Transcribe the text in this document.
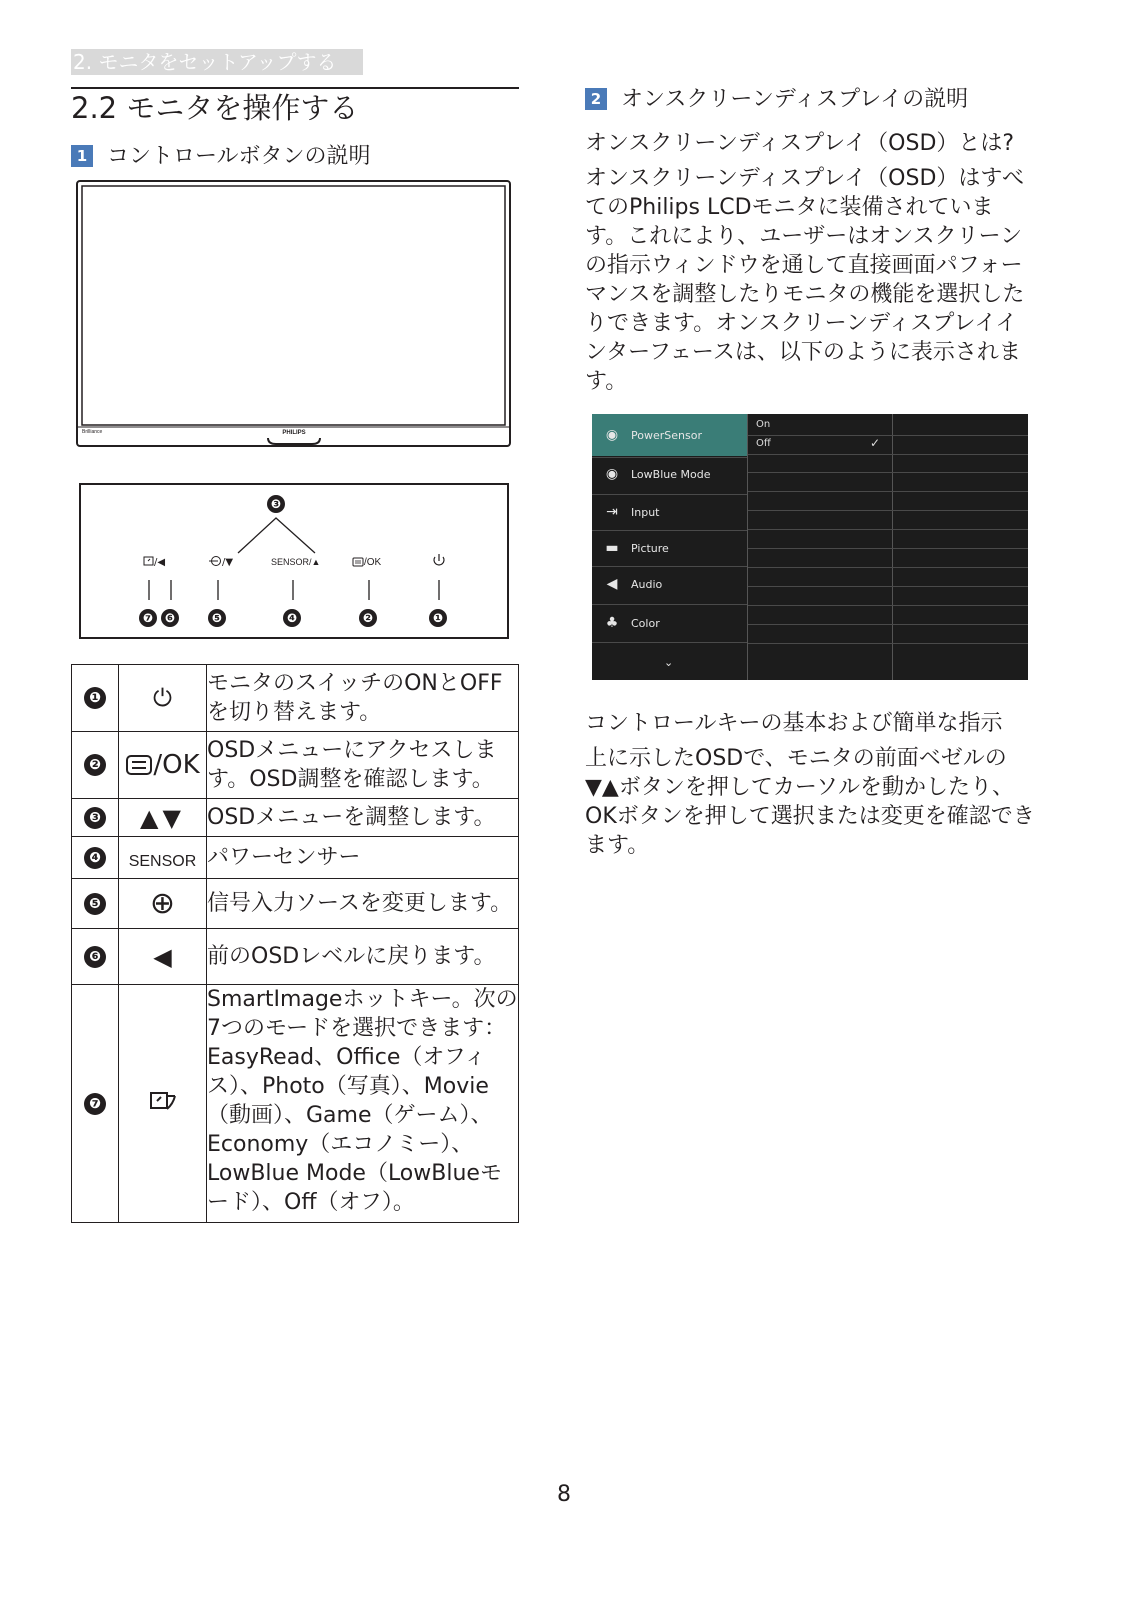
2. モニタをセットアップする
2.2 モニタを操作する
1 コントロールボタンの説明
Brilliance	PHILIPS
/◀	/▼	SENSOR/▲	/OK
❸
❼ ❻	❺	❹	❷	❶
❶	⏻	モニタのスイッチのONとOFFを切り替えます。
❷	/OK	OSDメニューにアクセスします。OSD調整を確認します。
❸	▲▼	OSDメニューを調整します。
❹	SENSOR	パワーセンサー
❺	⊕	信号入力ソースを変更します。
❻	◀	前のOSDレベルに戻ります。
❼		SmartImageホットキー。次の7つのモードを選択できます：EasyRead、Office（オフィス）、Photo（写真）、Movie（動画）、Game（ゲーム）、Economy（エコノミー）、LowBlue Mode（LowBlueモード）、Off（オフ）。
2 オンスクリーンディスプレイの説明
オンスクリーンディスプレイ（OSD）とは?
オンスクリーンディスプレイ（OSD）はすべてのPhilips LCDモニタに装備されています。これにより、ユーザーはオンスクリーンの指示ウィンドウを通して直接画面パフォーマンスを調整したりモニタの機能を選択したりできます。オンスクリーンディスプレイインターフェースは、以下のように表示されます。
◉	PowerSensor
◉	LowBlue Mode
⇥	Input
▬	Picture
◀	Audio
♣	Color
⌄
On
Off	✓
コントロールキーの基本および簡単な指示
上に示したOSDで、モニタの前面ベゼルの▼▲ボタンを押してカーソルを動かしたり、OKボタンを押して選択または変更を確認できます。
8
